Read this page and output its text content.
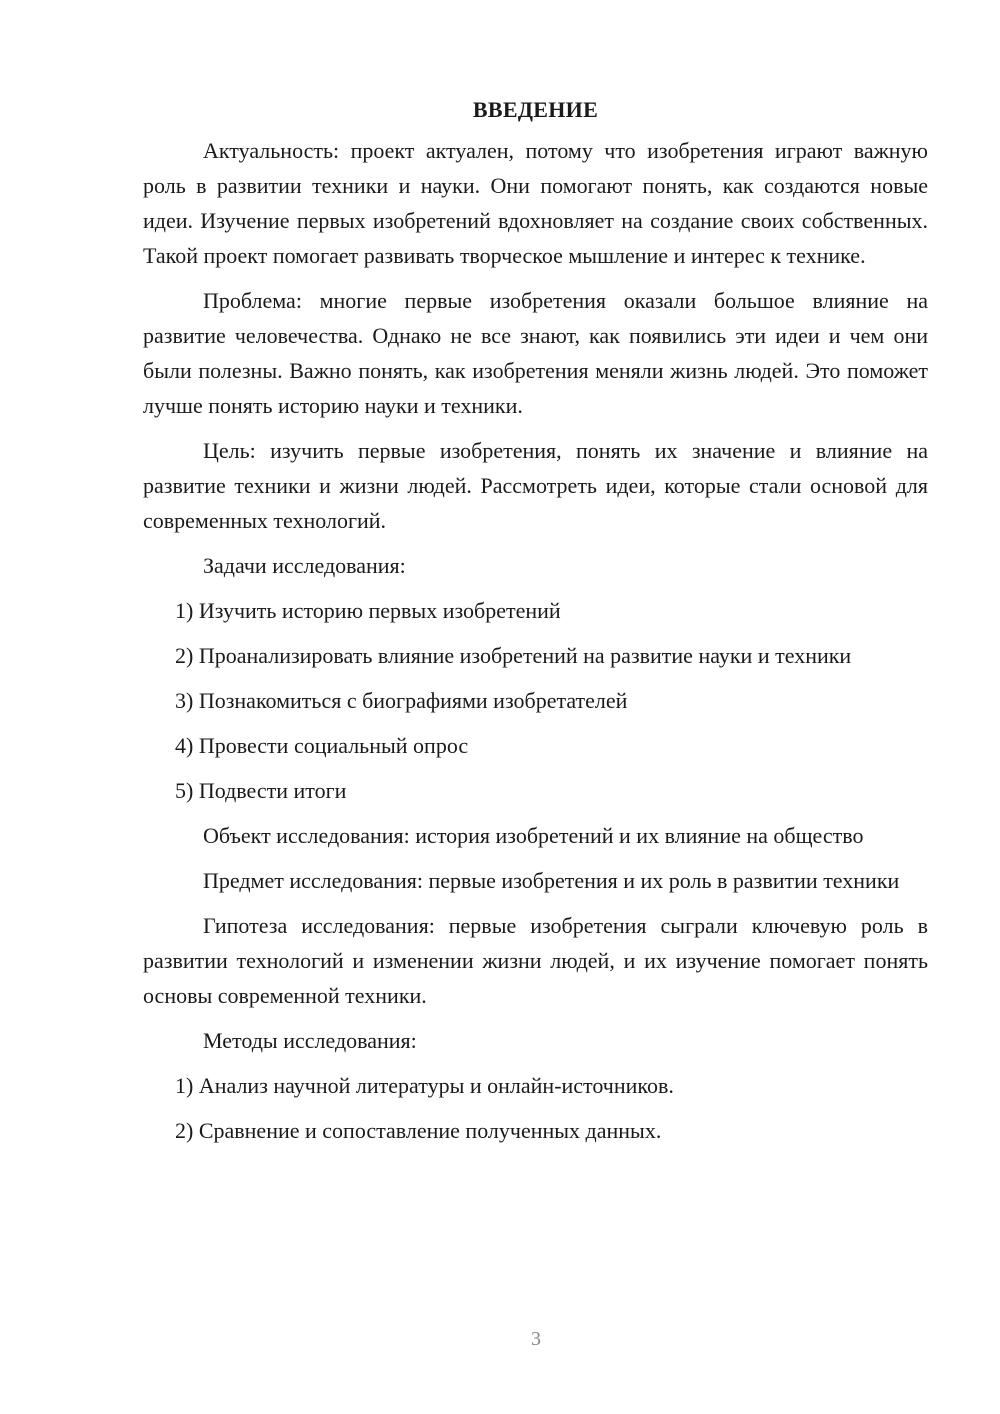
ВВЕДЕНИЕ

Актуальность: проект актуален, потому что изобретения играют важную роль в развитии техники и науки. Они помогают понять, как создаются новые идеи. Изучение первых изобретений вдохновляет на создание своих собственных. Такой проект помогает развивать творческое мышление и интерес к технике.

Проблема: многие первые изобретения оказали большое влияние на развитие человечества. Однако не все знают, как появились эти идеи и чем они были полезны. Важно понять, как изобретения меняли жизнь людей. Это поможет лучше понять историю науки и техники.

Цель: изучить первые изобретения, понять их значение и влияние на развитие техники и жизни людей. Рассмотреть идеи, которые стали основой для современных технологий.

Задачи исследования:

1) Изучить историю первых изобретений

2) Проанализировать влияние изобретений на развитие науки и техники

3) Познакомиться с биографиями изобретателей

4) Провести социальный опрос

5) Подвести итоги

Объект исследования: история изобретений и их влияние на общество

Предмет исследования: первые изобретения и их роль в развитии техники

Гипотеза исследования: первые изобретения сыграли ключевую роль в развитии технологий и изменении жизни людей, и их изучение помогает понять основы современной техники.

Методы исследования:

1) Анализ научной литературы и онлайн-источников.

2) Сравнение и сопоставление полученных данных.

3
